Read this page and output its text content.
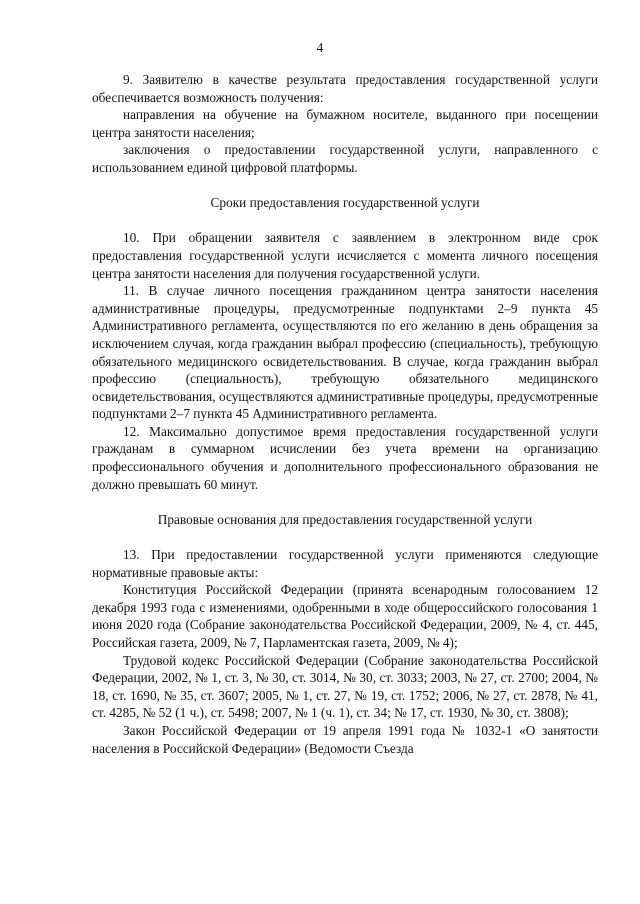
4

9. Заявителю в качестве результата предоставления государственной услуги обеспечивается возможность получения:

направления на обучение на бумажном носителе, выданного при посещении центра занятости населения;

заключения о предоставлении государственной услуги, направленного с использованием единой цифровой платформы.

Сроки предоставления государственной услуги

10. При обращении заявителя с заявлением в электронном виде срок предоставления государственной услуги исчисляется с момента личного посещения центра занятости населения для получения государственной услуги.

11. В случае личного посещения гражданином центра занятости населения административные процедуры, предусмотренные подпунктами 2–9 пункта 45 Административного регламента, осуществляются по его желанию в день обращения за исключением случая, когда гражданин выбрал профессию (специальность), требующую обязательного медицинского освидетельствования. В случае, когда гражданин выбрал профессию (специальность), требующую обязательного медицинского освидетельствования, осуществляются административные процедуры, предусмотренные подпунктами 2–7 пункта 45 Административного регламента.

12. Максимально допустимое время предоставления государственной услуги гражданам в суммарном исчислении без учета времени на организацию профессионального обучения и дополнительного профессионального образования не должно превышать 60 минут.

Правовые основания для предоставления государственной услуги

13. При предоставлении государственной услуги применяются следующие нормативные правовые акты:

Конституция Российской Федерации (принята всенародным голосованием 12 декабря 1993 года с изменениями, одобренными в ходе общероссийского голосования 1 июня 2020 года (Собрание законодательства Российской Федерации, 2009, № 4, ст. 445, Российская газета, 2009, № 7, Парламентская газета, 2009, № 4);

Трудовой кодекс Российской Федерации (Собрание законодательства Российской Федерации, 2002, № 1, ст. 3, № 30, ст. 3014, № 30, ст. 3033; 2003, № 27, ст. 2700; 2004, № 18, ст. 1690, № 35, ст. 3607; 2005, № 1, ст. 27, № 19, ст. 1752; 2006, № 27, ст. 2878, № 41, ст. 4285, № 52 (1 ч.), ст. 5498; 2007, № 1 (ч. 1), ст. 34; № 17, ст. 1930, № 30, ст. 3808);

Закон Российской Федерации от 19 апреля 1991 года № 1032-1 «О занятости населения в Российской Федерации» (Ведомости Съезда
